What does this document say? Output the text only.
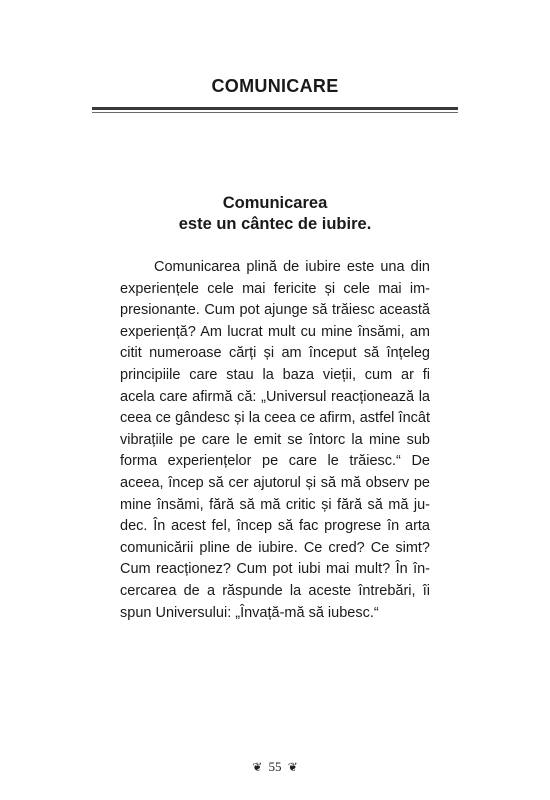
COMUNICARE
Comunicarea
este un cântec de iubire.

Comunicarea plină de iubire este una din experiențele cele mai fericite și cele mai impresionante. Cum pot ajunge să trăiesc această experiență? Am lucrat mult cu mine însămi, am citit numeroase cărți și am început să înțeleg principiile care stau la baza vieții, cum ar fi acela care afirmă că: „Universul reacționează la ceea ce gândesc și la ceea ce afirm, astfel încât vibrațiile pe care le emit se întorc la mine sub forma experiențelor pe care le trăiesc.“ De aceea, încep să cer ajutorul și să mă observ pe mine însămi, fără să mă critic și fără să mă judec. În acest fel, încep să fac progrese în arta comunicării pline de iubire. Ce cred? Ce simt? Cum reacționez? Cum pot iubi mai mult? În încercarea de a răspunde la aceste întrebări, îi spun Universului: „Învață-mă să iubesc.“

❦ 55 ❦
